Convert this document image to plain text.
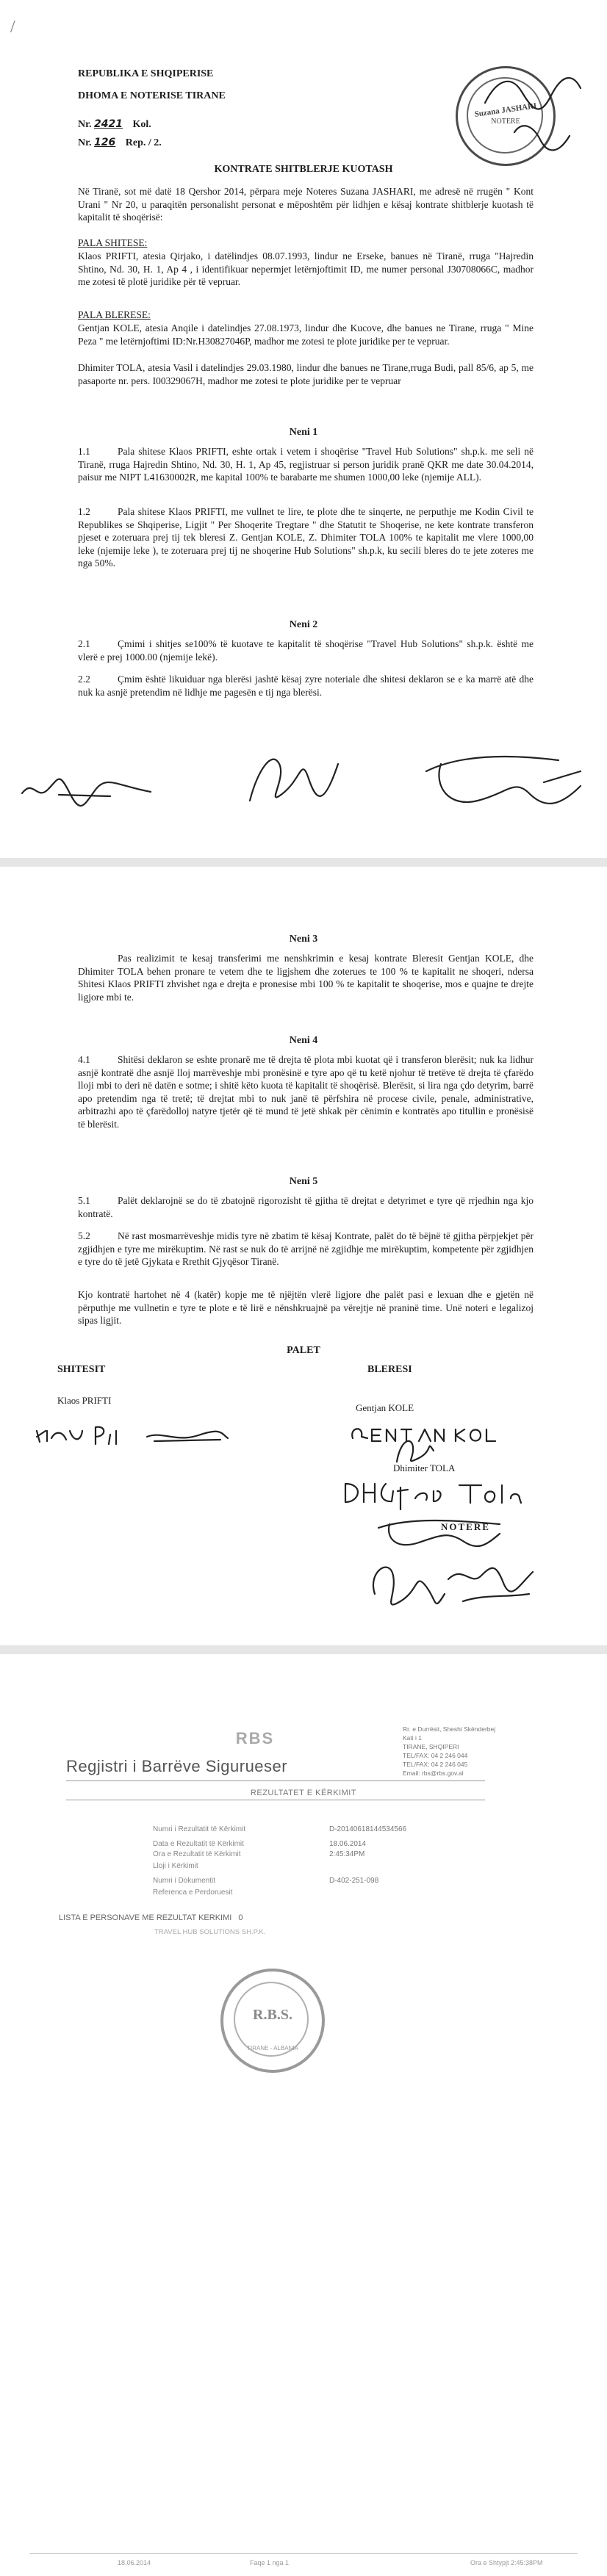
/
REPUBLIKA E SHQIPERISE
DHOMA E NOTERISE TIRANE
Nr. 2421 Kol.
Nr. 126 Rep. / 2.
Suzana JASHARI
NOTERE
KONTRATE SHITBLERJE KUOTASH
Në Tiranë, sot më datë 18 Qershor 2014, përpara meje Noteres Suzana JASHARI, me adresë në rrugën " Kont Urani " Nr 20, u paraqitën personalisht personat e mëposhtëm për lidhjen e kësaj kontrate shitblerje kuotash të kapitalit të shoqërisë:
PALA SHITESE:
Klaos PRIFTI, atesia Qirjako, i datëlindjes 08.07.1993, lindur ne Erseke, banues në Tiranë, rruga "Hajredin Shtino, Nd. 30, H. 1, Ap 4 , i identifikuar nepermjet letërnjoftimit ID, me numer personal J30708066C, madhor me zotesi të plotë juridike për të vepruar.
PALA BLERESE:
Gentjan KOLE, atesia Anqile i datelindjes 27.08.1973, lindur dhe Kucove, dhe banues ne Tirane, rruga " Mine Peza " me letërnjoftimi ID:Nr.H30827046P, madhor me zotesi te plote juridike per te vepruar.
Dhimiter TOLA, atesia Vasil i datelindjes 29.03.1980, lindur dhe banues ne Tirane,rruga Budi, pall 85/6, ap 5, me pasaporte nr. pers. I00329067H, madhor me zotesi te plote juridike per te vepruar
Neni 1
1.1	Pala shitese Klaos PRIFTI, eshte ortak i vetem i shoqërise "Travel Hub Solutions" sh.p.k. me seli në Tiranë, rruga Hajredin Shtino, Nd. 30, H. 1, Ap 45, regjistruar si person juridik pranë QKR me date 30.04.2014, paisur me NIPT L41630002R, me kapital 100% te barabarte me shumen 1000,00 leke (njemije ALL).
1.2	Pala shitese Klaos PRIFTI, me vullnet te lire, te plote dhe te sinqerte, ne perputhje me Kodin Civil te Republikes se Shqiperise, Ligjit " Per Shoqerite Tregtare " dhe Statutit te Shoqerise, ne kete kontrate transferon pjeset e zoteruara prej tij tek bleresi Z. Gentjan KOLE, Z. Dhimiter TOLA 100% te kapitalit me vlere 1000,00 leke (njemije leke ), te zoteruara prej tij ne shoqerine Hub Solutions" sh.p.k, ku secili bleres do te jete zoteres me nga 50%.
Neni 2
2.1	Çmimi i shitjes se100% të kuotave te kapitalit të shoqërise "Travel Hub Solutions" sh.p.k. është me vlerë e prej 1000.00 (njemije lekë).
2.2	Çmim është likuiduar nga blerësi jashtë kësaj zyre noteriale dhe shitesi deklaron se e ka marrë atë dhe nuk ka asnjë pretendim në lidhje me pagesën e tij nga blerësi.
Neni 3
Pas realizimit te kesaj transferimi me nenshkrimin e kesaj kontrate Bleresit Gentjan KOLE, dhe Dhimiter TOLA behen pronare te vetem dhe te ligjshem dhe zoterues te 100 % te kapitalit ne shoqeri, ndersa Shitesi Klaos PRIFTI zhvishet nga e drejta e pronesise mbi 100 % te kapitalit te shoqerise, mos e quajne te drejte ligjore mbi te.
Neni 4
4.1	Shitësi deklaron se eshte pronarë me të drejta të plota mbi kuotat që i transferon blerësit; nuk ka lidhur asnjë kontratë dhe asnjë lloj marrëveshje mbi pronësinë e tyre apo që tu ketë njohur të tretëve të drejta të çfarëdo lloji mbi to deri në datën e sotme; i shitë këto kuota të kapitalit të shoqërisë. Blerësit, si lira nga çdo detyrim, barrë apo pretendim nga të tretë; të drejtat mbi to nuk janë të përfshira në procese civile, penale, administrative, arbitrazhi apo të çfarëdolloj natyre tjetër që të mund të jetë shkak për cënimin e kontratës apo titullin e pronësisë të blerësit.
Neni 5
5.1	Palët deklarojnë se do të zbatojnë rigorozisht të gjitha të drejtat e detyrimet e tyre që rrjedhin nga kjo kontratë.
5.2	Në rast mosmarrëveshje midis tyre në zbatim të kësaj Kontrate, palët do të bëjnë të gjitha përpjekjet për zgjidhjen e tyre me mirëkuptim. Në rast se nuk do të arrijnë në zgjidhje me mirëkuptim, kompetente për zgjidhjen e tyre do të jetë Gjykata e Rrethit Gjyqësor Tiranë.
Kjo kontratë hartohet në 4 (katër) kopje me të njëjtën vlerë ligjore dhe palët pasi e lexuan dhe e gjetën në përputhje me vullnetin e tyre te plote e të lirë e nënshkruajnë pa vërejtje në praninë time. Unë noteri e legalizoj sipas ligjit.
PALET
SHITESIT	BLERESI
Klaos PRIFTI
Gentjan KOLE
Dhimiter TOLA
NOTERE
RBS
Regjistri i Barrëve Sigurueser
Rr. e Durrësit, Sheshi Skënderbej
Kati i 1
TIRANE, SHQIPERI
TEL/FAX: 04 2 246 044
TEL/FAX: 04 2 246 045
Email: rbs@rbs.gov.al
REZULTATET E KËRKIMIT
Numri i Rezultatit të Kërkimit	D-20140618144534566
Data e Rezultatit të Kërkimit	18.06.2014
Ora e Rezultatit të Kërkimit	2:45:34PM
Lloji i Kërkimit
Numri i Dokumentit	D-402-251-098
Referenca e Perdoruesit
LISTA E PERSONAVE ME REZULTAT KERKIMI 0
TRAVEL HUB SOLUTIONS SH.P.K.
R.B.S.
TIRANE - ALBANIA
18.06.2014	Faqe 1 nga 1	Ora e Shtypjt 2:45:38PM
